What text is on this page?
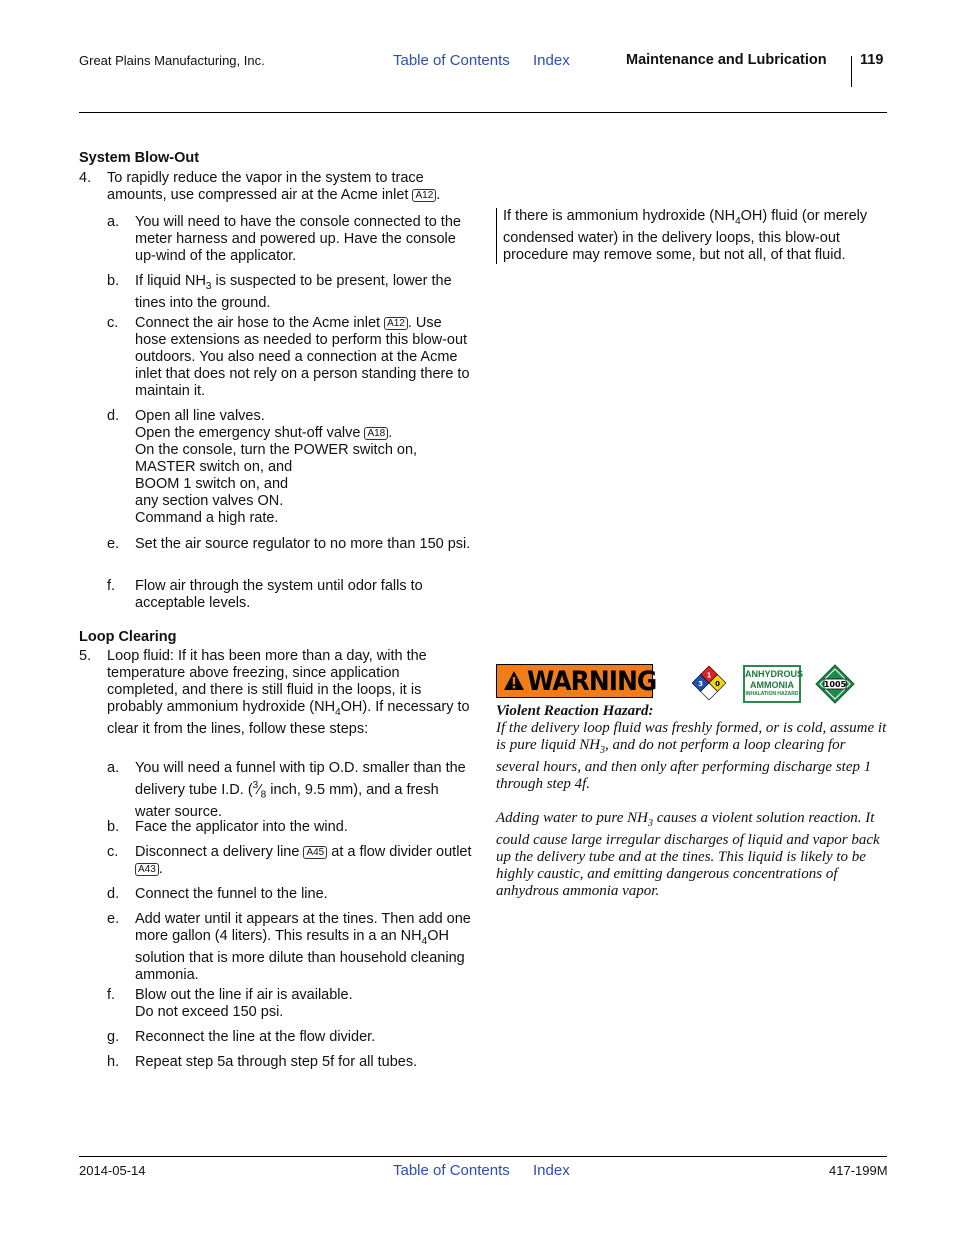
Great Plains Manufacturing, Inc.	Table of Contents Index	Maintenance and Lubrication 119
System Blow-Out
4. To rapidly reduce the vapor in the system to trace amounts, use compressed air at the Acme inlet A12 .
a. You will need to have the console connected to the meter harness and powered up. Have the console up-wind of the applicator.
b. If liquid $NH_3$ is suspected to be present, lower the tines into the ground.
c. Connect the air hose to the Acme inlet A12 . Use hose extensions as needed to perform this blow-out outdoors. You also need a connection at the Acme inlet that does not rely on a person standing there to maintain it.
d. Open all line valves.
Open the emergency shut-off valve A18 .
On the console, turn the POWER switch on,
MASTER switch on, and
BOOM 1 switch on, and
any section valves ON.
Command a high rate.
e. Set the air source regulator to no more than 150 psi.
f. Flow air through the system until odor falls to acceptable levels.
Loop Clearing
5. Loop fluid: If it has been more than a day, with the temperature above freezing, since application completed, and there is still fluid in the loops, it is probably ammonium hydroxide $(NH_4OH)$. If necessary to clear it from the lines, follow these steps:
a. You will need a funnel with tip O.D. smaller than the delivery tube I.D. ($^3⁄_8$ inch, 9.5 mm), and a fresh water source.
b. Face the applicator into the wind.
c. Disconnect a delivery line A45 at a flow divider outlet A43 .
d. Connect the funnel to the line.
e. Add water until it appears at the tines. Then add one more gallon (4 liters). This results in a an $NH_4OH$ solution that is more dilute than household cleaning ammonia.
f. Blow out the line if air is available.
Do not exceed 150 psi.
g. Reconnect the line at the flow divider.
h. Repeat step 5a through step 5f for all tubes.
If there is ammonium hydroxide $(NH_4OH)$ fluid (or merely condensed water) in the delivery loops, this blow-out procedure may remove some, but not all, of that fluid.
WARNING	1
3 0
ANHYDROUS
AMMONIA
INHALATION HAZARD
1005

Violent Reaction Hazard:

If the delivery loop fluid was freshly formed, or is cold, assume it is pure liquid $NH_3$, and do not perform a loop clearing for several hours, and then only after performing discharge step 1 through step 4f.

Adding water to pure $NH_3$ causes a violent solution reaction. It could cause large irregular discharges of liquid and vapor back up the delivery tube and at the tines. This liquid is likely to be highly caustic, and emitting dangerous concentrations of anhydrous ammonia vapor.

2014-05-14	Table of Contents Index	417-199M
